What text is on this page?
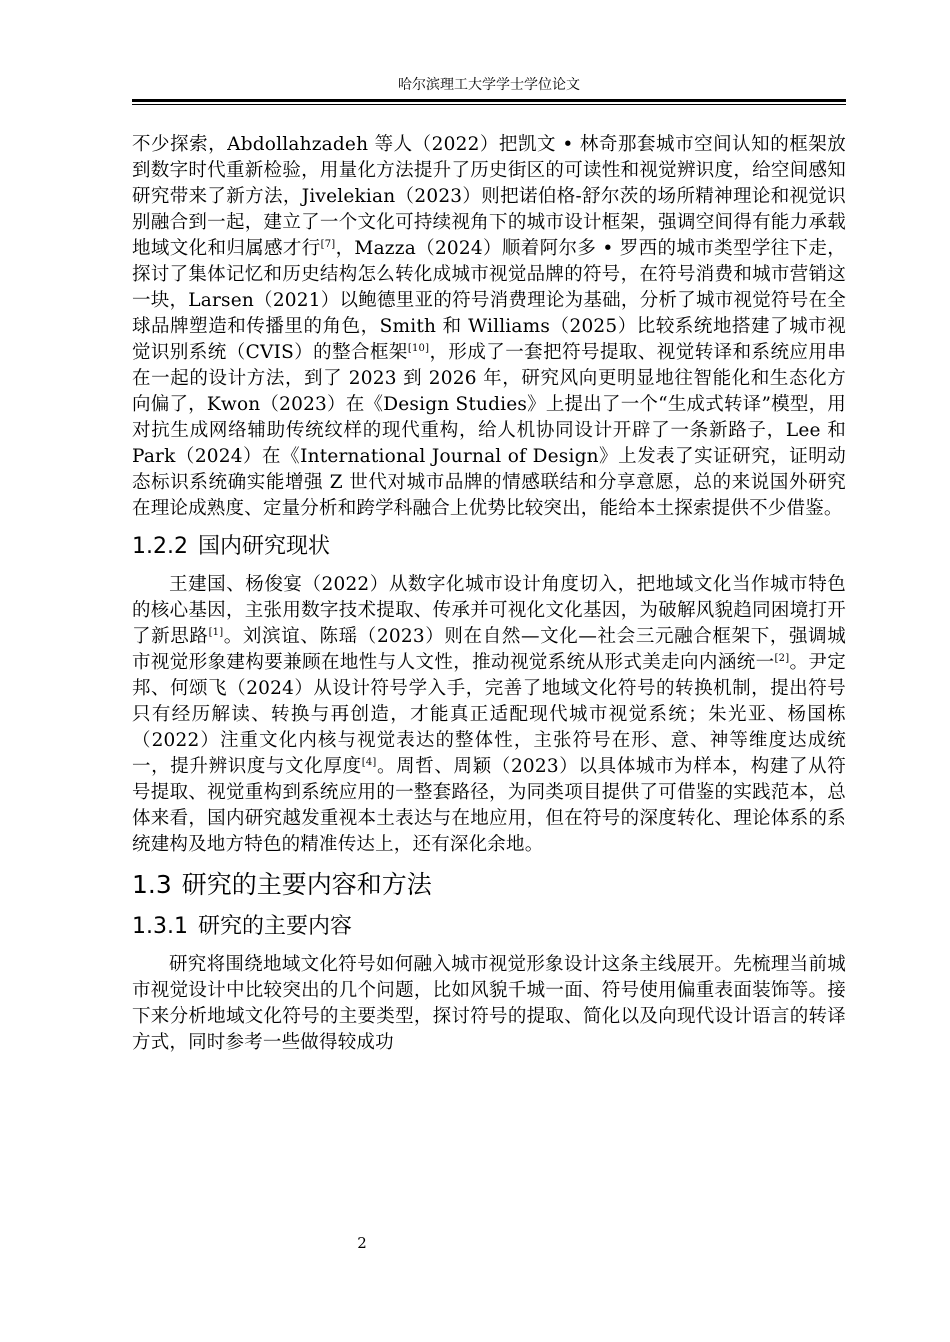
哈尔滨理工大学学士学位论文

不少探索，Abdollahzadeh 等人（2022）把凯文 • 林奇那套城市空间认知的框架放到数字时代重新检验，用量化方法提升了历史街区的可读性和视觉辨识度，给空间感知研究带来了新方法，Jivelekian（2023）则把诺伯格-舒尔茨的场所精神理论和视觉识别融合到一起，建立了一个文化可持续视角下的城市设计框架，强调空间得有能力承载地域文化和归属感才行[7]，Mazza（2024）顺着阿尔多 • 罗西的城市类型学往下走，探讨了集体记忆和历史结构怎么转化成城市视觉品牌的符号，在符号消费和城市营销这一块，Larsen（2021）以鲍德里亚的符号消费理论为基础，分析了城市视觉符号在全球品牌塑造和传播里的角色，Smith 和 Williams（2025）比较系统地搭建了城市视觉识别系统（CVIS）的整合框架[10]，形成了一套把符号提取、视觉转译和系统应用串在一起的设计方法，到了 2023 到 2026 年，研究风向更明显地往智能化和生态化方向偏了，Kwon（2023）在《Design Studies》上提出了一个“生成式转译”模型，用对抗生成网络辅助传统纹样的现代重构，给人机协同设计开辟了一条新路子，Lee 和 Park（2024）在《International Journal of Design》上发表了实证研究，证明动态标识系统确实能增强 Z 世代对城市品牌的情感联结和分享意愿，总的来说国外研究在理论成熟度、定量分析和跨学科融合上优势比较突出，能给本土探索提供不少借鉴。

1.2.2 国内研究现状

王建国、杨俊宴（2022）从数字化城市设计角度切入，把地域文化当作城市特色的核心基因，主张用数字技术提取、传承并可视化文化基因，为破解风貌趋同困境打开了新思路[1]。刘滨谊、陈瑶（2023）则在自然—文化—社会三元融合框架下，强调城市视觉形象建构要兼顾在地性与人文性，推动视觉系统从形式美走向内涵统一[2]。尹定邦、何颂飞（2024）从设计符号学入手，完善了地域文化符号的转换机制，提出符号只有经历解读、转换与再创造，才能真正适配现代城市视觉系统；朱光亚、杨国栋（2022）注重文化内核与视觉表达的整体性，主张符号在形、意、神等维度达成统一，提升辨识度与文化厚度[4]。周哲、周颖（2023）以具体城市为样本，构建了从符号提取、视觉重构到系统应用的一整套路径，为同类项目提供了可借鉴的实践范本，总体来看，国内研究越发重视本土表达与在地应用，但在符号的深度转化、理论体系的系统建构及地方特色的精准传达上，还有深化余地。

1.3 研究的主要内容和方法
1.3.1 研究的主要内容

研究将围绕地域文化符号如何融入城市视觉形象设计这条主线展开。先梳理当前城市视觉设计中比较突出的几个问题，比如风貌千城一面、符号使用偏重表面装饰等。接下来分析地域文化符号的主要类型，探讨符号的提取、简化以及向现代设计语言的转译方式，同时参考一些做得较成功

2
